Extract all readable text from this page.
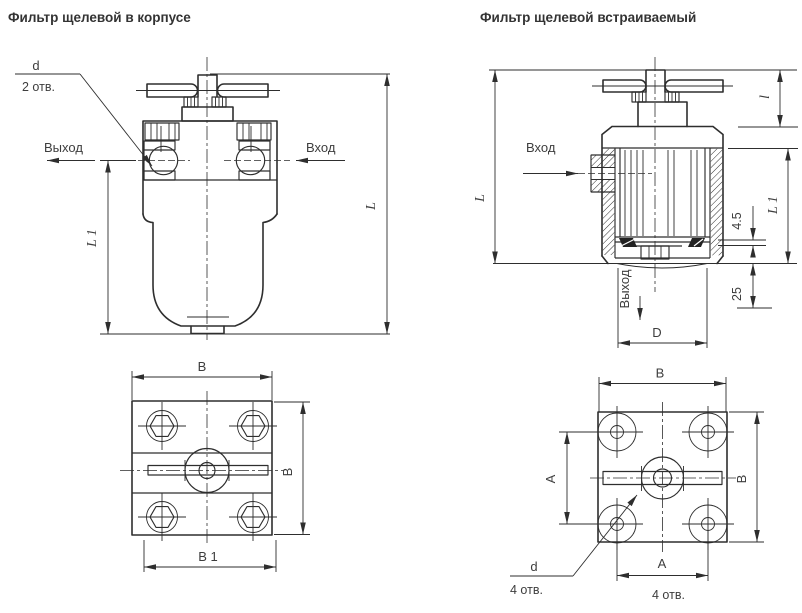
Фильтр щелевой в корпусе
d
2 отв.
Выход	Вход
L
L 1
B
B
B 1
Фильтр щелевой встраиваемый
L
Вход
l
L 1
4.5
25
Выход
D
A
B
B
A
d
4 отв.	4 отв.
